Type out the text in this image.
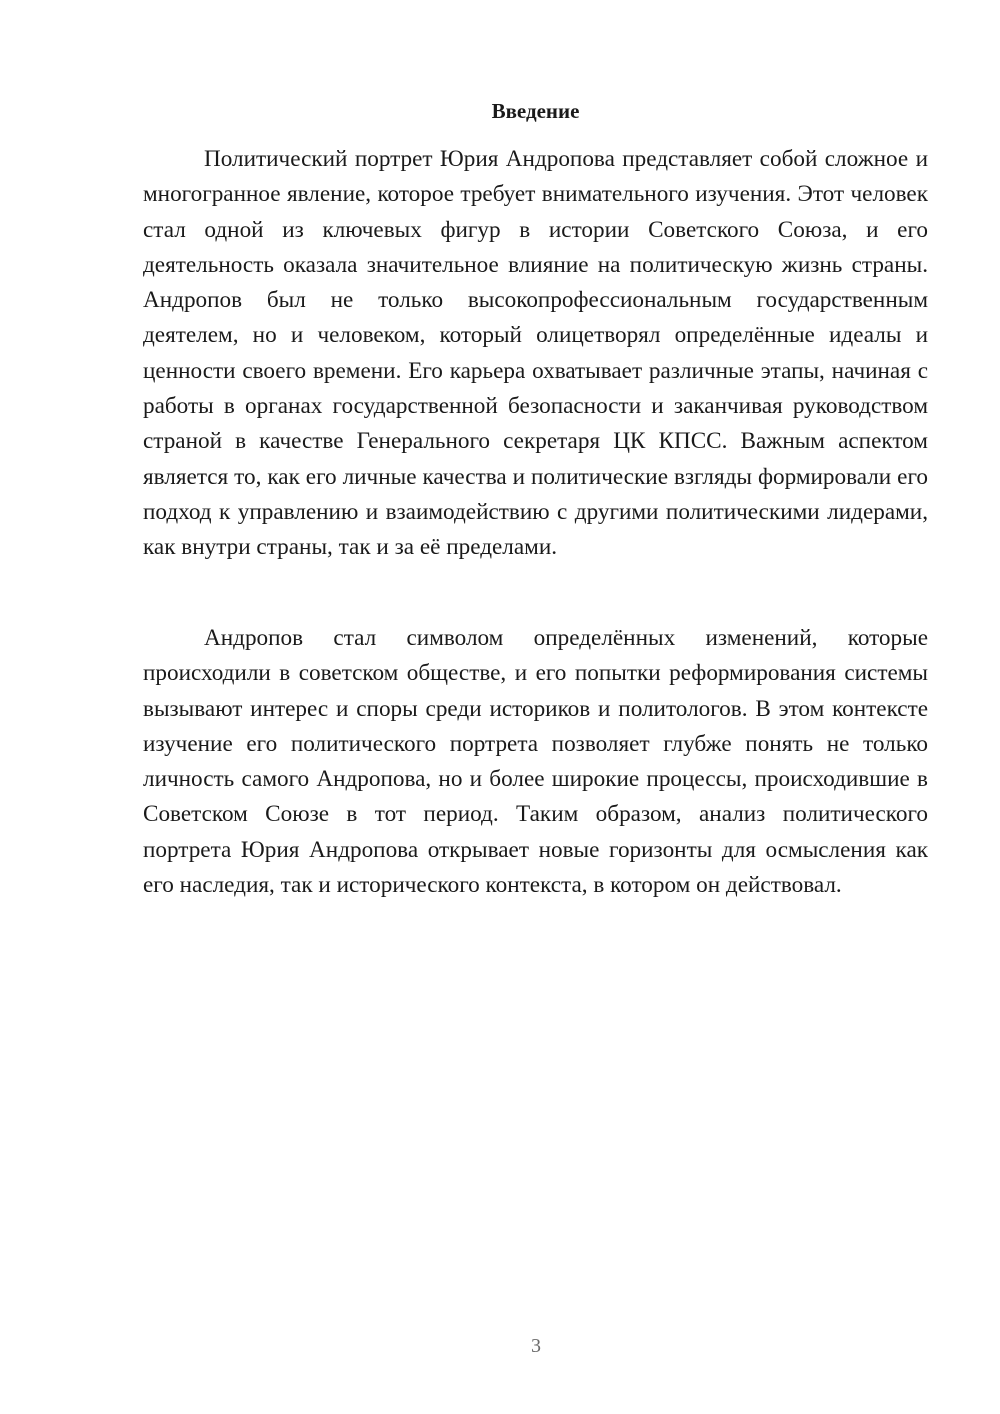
Введение

Политический портрет Юрия Андропова представляет собой сложное и многогранное явление, которое требует внимательного изучения. Этот человек стал одной из ключевых фигур в истории Советского Союза, и его деятельность оказала значительное влияние на политическую жизнь страны. Андропов был не только высокопрофессиональным государственным деятелем, но и человеком, который олицетворял определённые идеалы и ценности своего времени. Его карьера охватывает различные этапы, начиная с работы в органах государственной безопасности и заканчивая руководством страной в качестве Генерального секретаря ЦК КПСС. Важным аспектом является то, как его личные качества и политические взгляды формировали его подход к управлению и взаимодействию с другими политическими лидерами, как внутри страны, так и за её пределами.

Андропов стал символом определённых изменений, которые происходили в советском обществе, и его попытки реформирования системы вызывают интерес и споры среди историков и политологов. В этом контексте изучение его политического портрета позволяет глубже понять не только личность самого Андропова, но и более широкие процессы, происходившие в Советском Союзе в тот период. Таким образом, анализ политического портрета Юрия Андропова открывает новые горизонты для осмысления как его наследия, так и исторического контекста, в котором он действовал.

3
